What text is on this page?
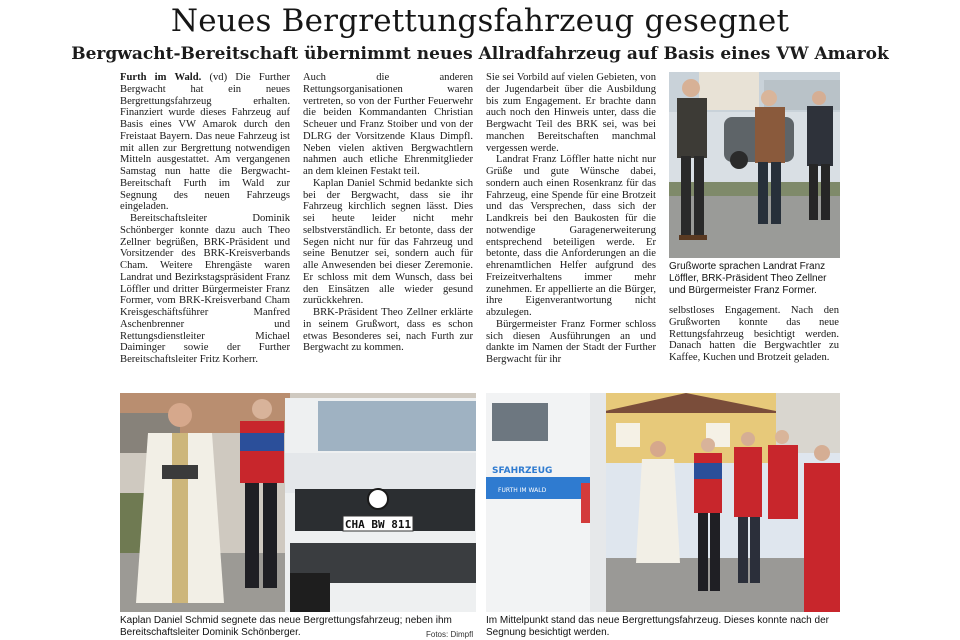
Neues Bergrettungsfahrzeug gesegnet
Bergwacht-Bereitschaft übernimmt neues Allradfahrzeug auf Basis eines VW Amarok

Furth im Wald. (vd) Die Further Bergwacht hat ein neues Bergrettungsfahrzeug erhalten. Finanziert wurde dieses Fahrzeug auf Basis eines VW Amarok durch den Freistaat Bayern. Das neue Fahrzeug ist mit allen zur Bergrettung notwendigen Mitteln ausgestattet. Am vergangenen Samstag nun hatte die Bergwacht-Bereitschaft Furth im Wald zur Segnung des neuen Fahrzeugs eingeladen.

Bereitschaftsleiter Dominik Schönberger konnte dazu auch Theo Zellner begrüßen, BRK-Präsident und Vorsitzender des BRK-Kreisverbands Cham. Weitere Ehrengäste waren Landrat und Bezirkstagspräsident Franz Löffler und dritter Bürgermeister Franz Former, vom BRK-Kreisverband Cham Kreisgeschäftsführer Manfred Aschenbrenner und Rettungsdienstleiter Michael Daiminger sowie der Further Bereitschaftsleiter Fritz Korherr.

Auch die anderen Rettungsorganisationen waren vertreten, so von der Further Feuerwehr die beiden Kommandanten Christian Scheuer und Franz Stoiber und von der DLRG der Vorsitzende Klaus Dimpfl. Neben vielen aktiven Bergwachtlern nahmen auch etliche Ehrenmitglieder an dem kleinen Festakt teil.

Kaplan Daniel Schmid bedankte sich bei der Bergwacht, dass sie ihr Fahrzeug kirchlich segnen lässt. Dies sei heute leider nicht mehr selbstverständlich. Er betonte, dass der Segen nicht nur für das Fahrzeug und seine Benutzer sei, sondern auch für alle Anwesenden bei dieser Zeremonie. Er schloss mit dem Wunsch, dass bei den Einsätzen alle wieder gesund zurückkehren.

BRK-Präsident Theo Zellner erklärte in seinem Grußwort, dass es schon etwas Besonderes sei, nach Furth zur Bergwacht zu kommen.

Sie sei Vorbild auf vielen Gebieten, von der Jugendarbeit über die Ausbildung bis zum Engagement. Er brachte dann auch noch den Hinweis unter, dass die Bergwacht Teil des BRK sei, was bei manchen Bereitschaften manchmal vergessen werde.

Landrat Franz Löffler hatte nicht nur Grüße und gute Wünsche dabei, sondern auch einen Rosenkranz für das Fahrzeug, eine Spende für eine Brotzeit und das Versprechen, dass sich der Landkreis bei den Baukosten für die notwendige Garagenerweiterung entsprechend beteiligen werde. Er betonte, dass die Anforderungen an die ehrenamtlichen Helfer aufgrund des Freizeitverhaltens immer mehr zunehmen. Er appellierte an die Bürger, ihre Eigenverantwortung nicht abzulegen.

Bürgermeister Franz Former schloss sich diesen Ausführungen an und dankte im Namen der Stadt der Further Bergwacht für ihr

selbstloses Engagement. Nach den Grußworten konnte das neue Rettungsfahrzeug besichtigt werden. Danach hatten die Bergwachtler zu Kaffee, Kuchen und Brotzeit geladen.

Grußworte sprachen Landrat Franz Löffler, BRK-Präsident Theo Zellner und Bürgermeister Franz Former.
CHA BW 811
Kaplan Daniel Schmid segnete das neue Bergrettungsfahrzeug; neben ihm Bereitschaftsleiter Dominik Schönberger.	Fotos: Dimpfl
SFAHRZEUG
FURTH IM WALD
Im Mittelpunkt stand das neue Bergrettungsfahrzeug. Dieses konnte nach der Segnung besichtigt werden.
